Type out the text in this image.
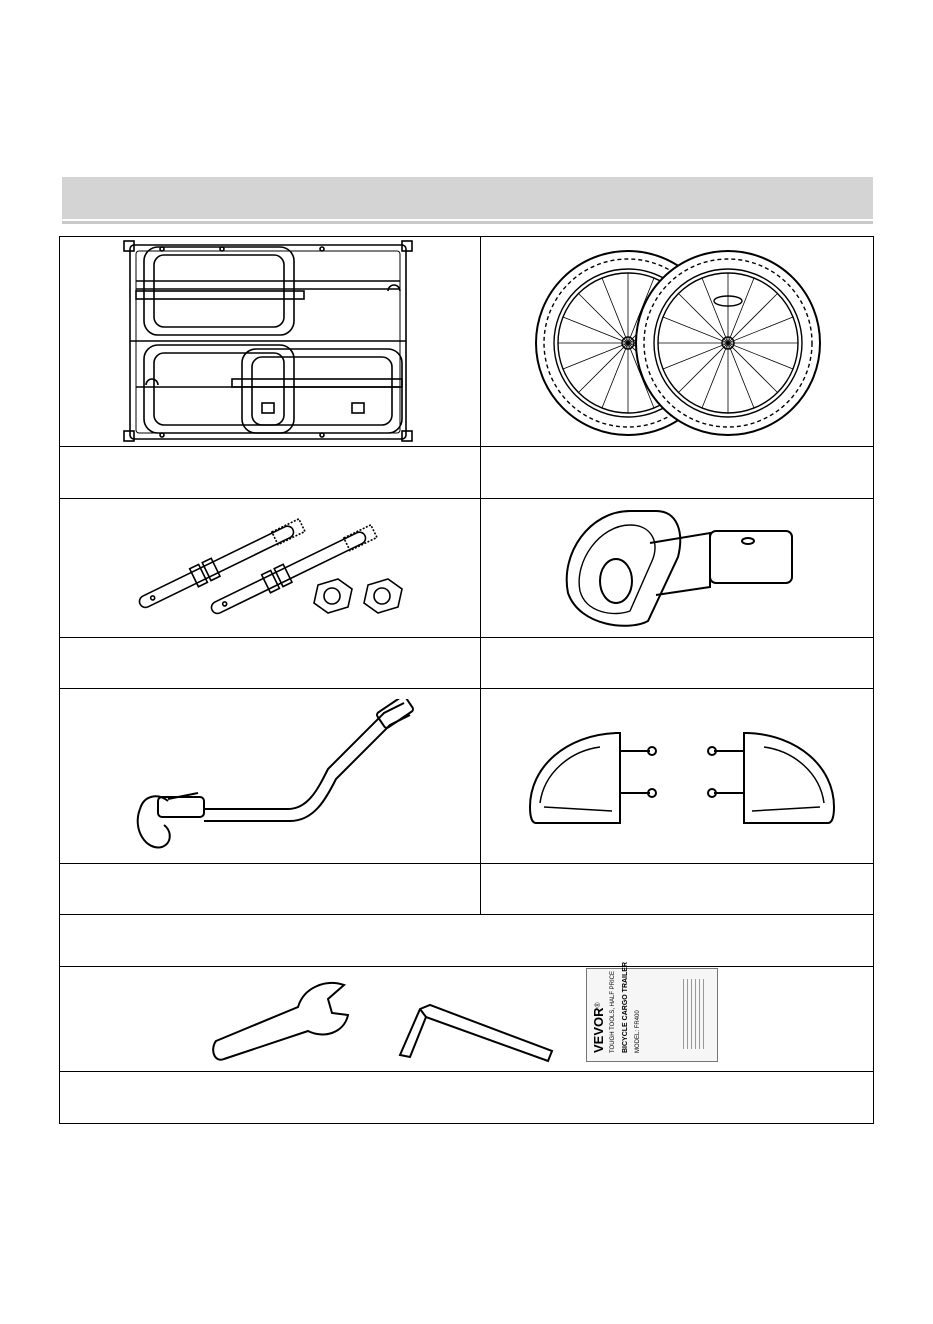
VEVOR® TOUGH TOOLS, HALF PRICE BICYCLE CARGO TRAILER MODEL: FR400
